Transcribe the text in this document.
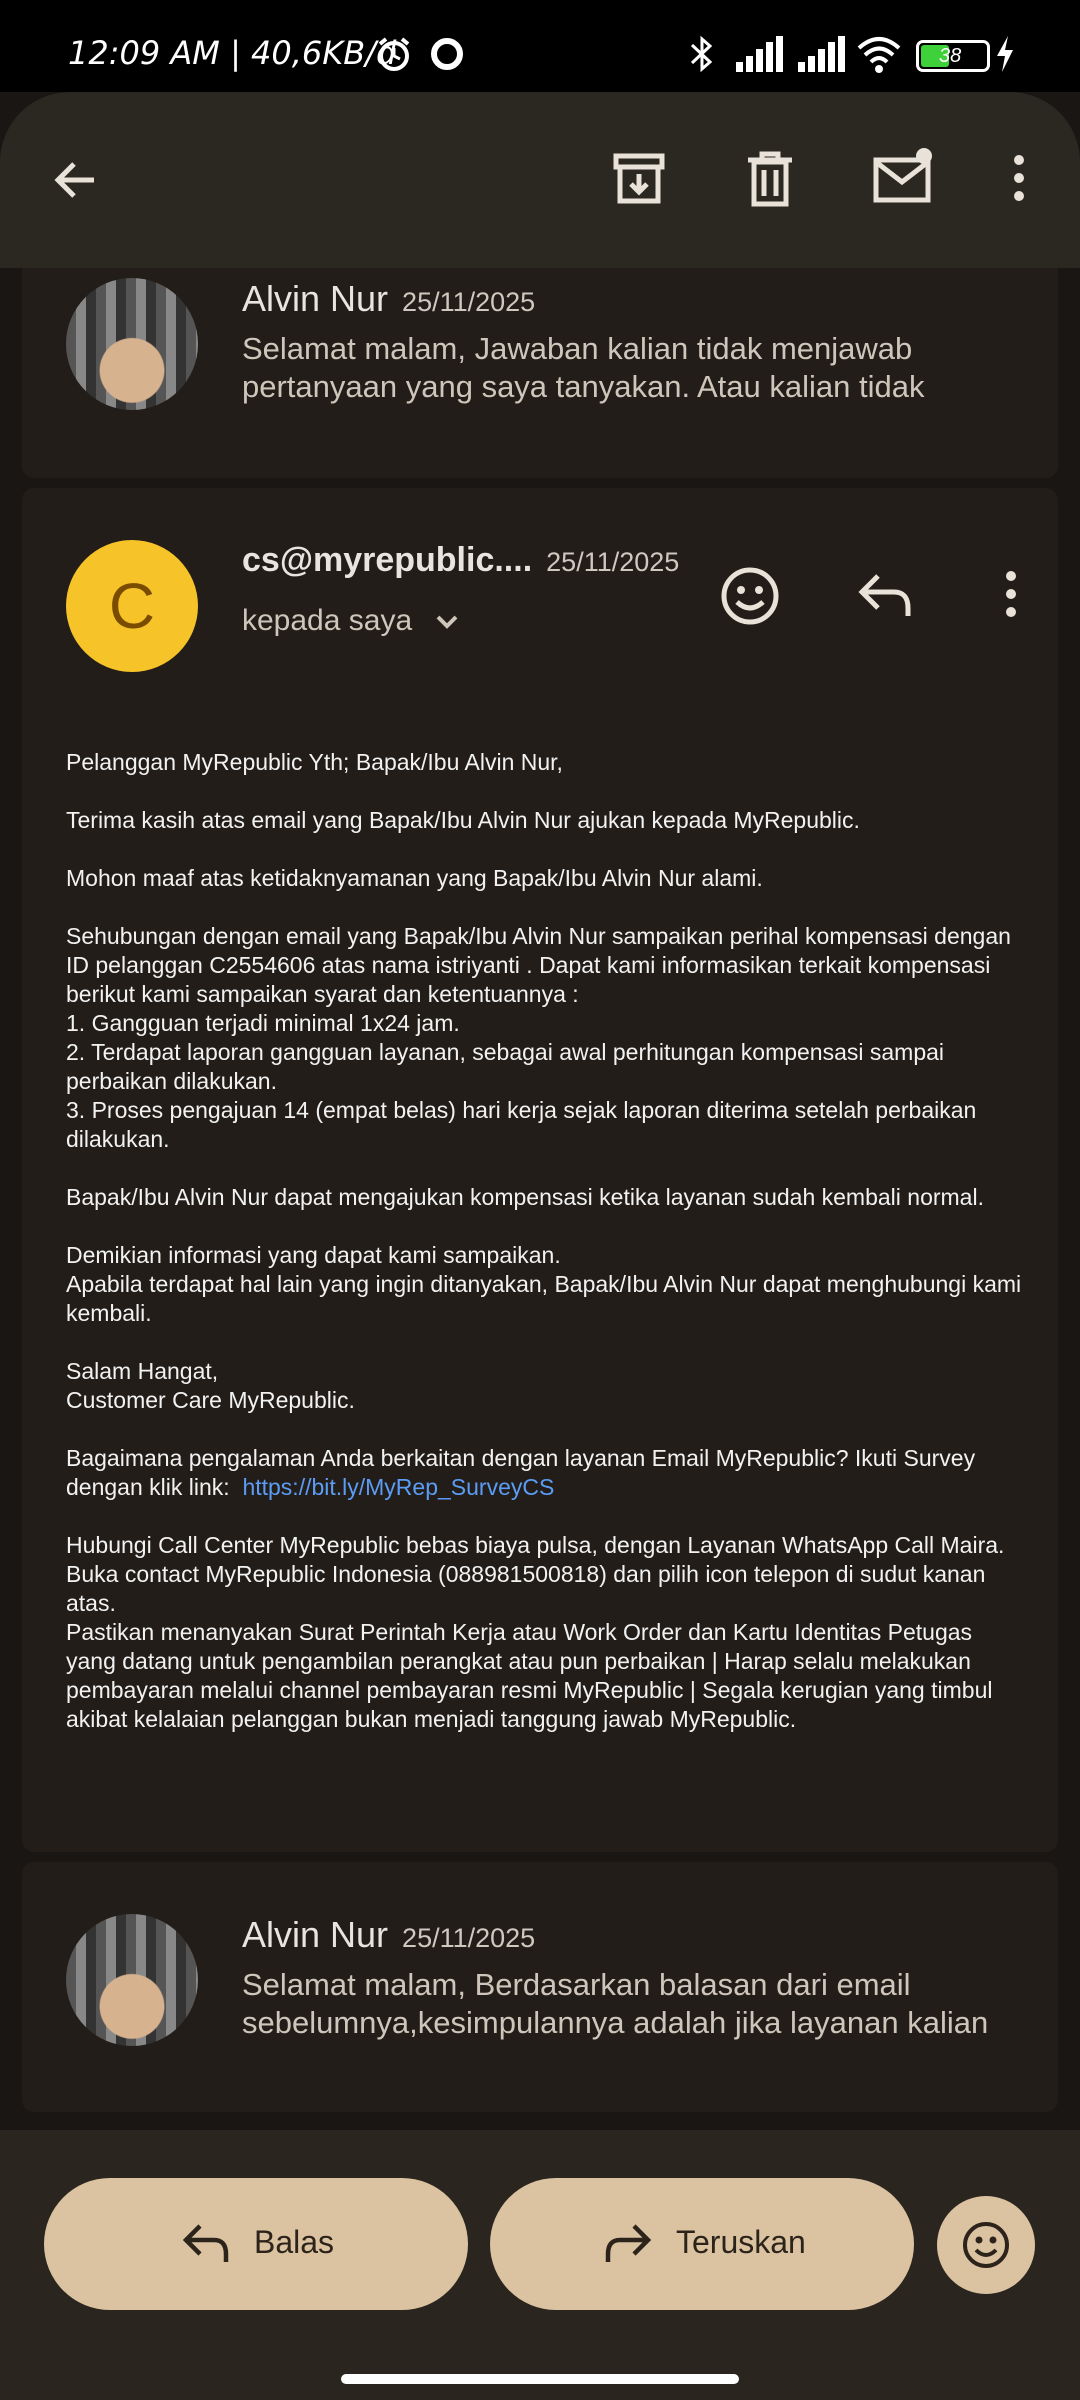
12:09 AM | 40,6KB/d	38
Alvin Nur 25/11/2025
Selamat malam, Jawaban kalian tidak menjawab pertanyaan yang saya tanyakan. Atau kalian tidak
C
cs@myrepublic.... 25/11/2025
kepada saya

Pelanggan MyRepublic Yth; Bapak/Ibu Alvin Nur,

Terima kasih atas email yang Bapak/Ibu Alvin Nur ajukan kepada MyRepublic.

Mohon maaf atas ketidaknyamanan yang Bapak/Ibu Alvin Nur alami.

Sehubungan dengan email yang Bapak/Ibu Alvin Nur sampaikan perihal kompensasi dengan ID pelanggan C2554606 atas nama istriyanti . Dapat kami informasikan terkait kompensasi berikut kami sampaikan syarat dan ketentuannya :
1. Gangguan terjadi minimal 1x24 jam.
2. Terdapat laporan gangguan layanan, sebagai awal perhitungan kompensasi sampai perbaikan dilakukan.
3. Proses pengajuan 14 (empat belas) hari kerja sejak laporan diterima setelah perbaikan dilakukan.

Bapak/Ibu Alvin Nur dapat mengajukan kompensasi ketika layanan sudah kembali normal.

Demikian informasi yang dapat kami sampaikan.
Apabila terdapat hal lain yang ingin ditanyakan, Bapak/Ibu Alvin Nur dapat menghubungi kami kembali.

Salam Hangat,
Customer Care MyRepublic.

Bagaimana pengalaman Anda berkaitan dengan layanan Email MyRepublic? Ikuti Survey dengan klik link: https://bit.ly/MyRep_SurveyCS

Hubungi Call Center MyRepublic bebas biaya pulsa, dengan Layanan WhatsApp Call Maira. Buka contact MyRepublic Indonesia (088981500818) dan pilih icon telepon di sudut kanan atas.
Pastikan menanyakan Surat Perintah Kerja atau Work Order dan Kartu Identitas Petugas yang datang untuk pengambilan perangkat atau pun perbaikan | Harap selalu melakukan pembayaran melalui channel pembayaran resmi MyRepublic | Segala kerugian yang timbul akibat kelalaian pelanggan bukan menjadi tanggung jawab MyRepublic.

Alvin Nur 25/11/2025
Selamat malam, Berdasarkan balasan dari email sebelumnya,kesimpulannya adalah jika layanan kalian
Balas	Teruskan
